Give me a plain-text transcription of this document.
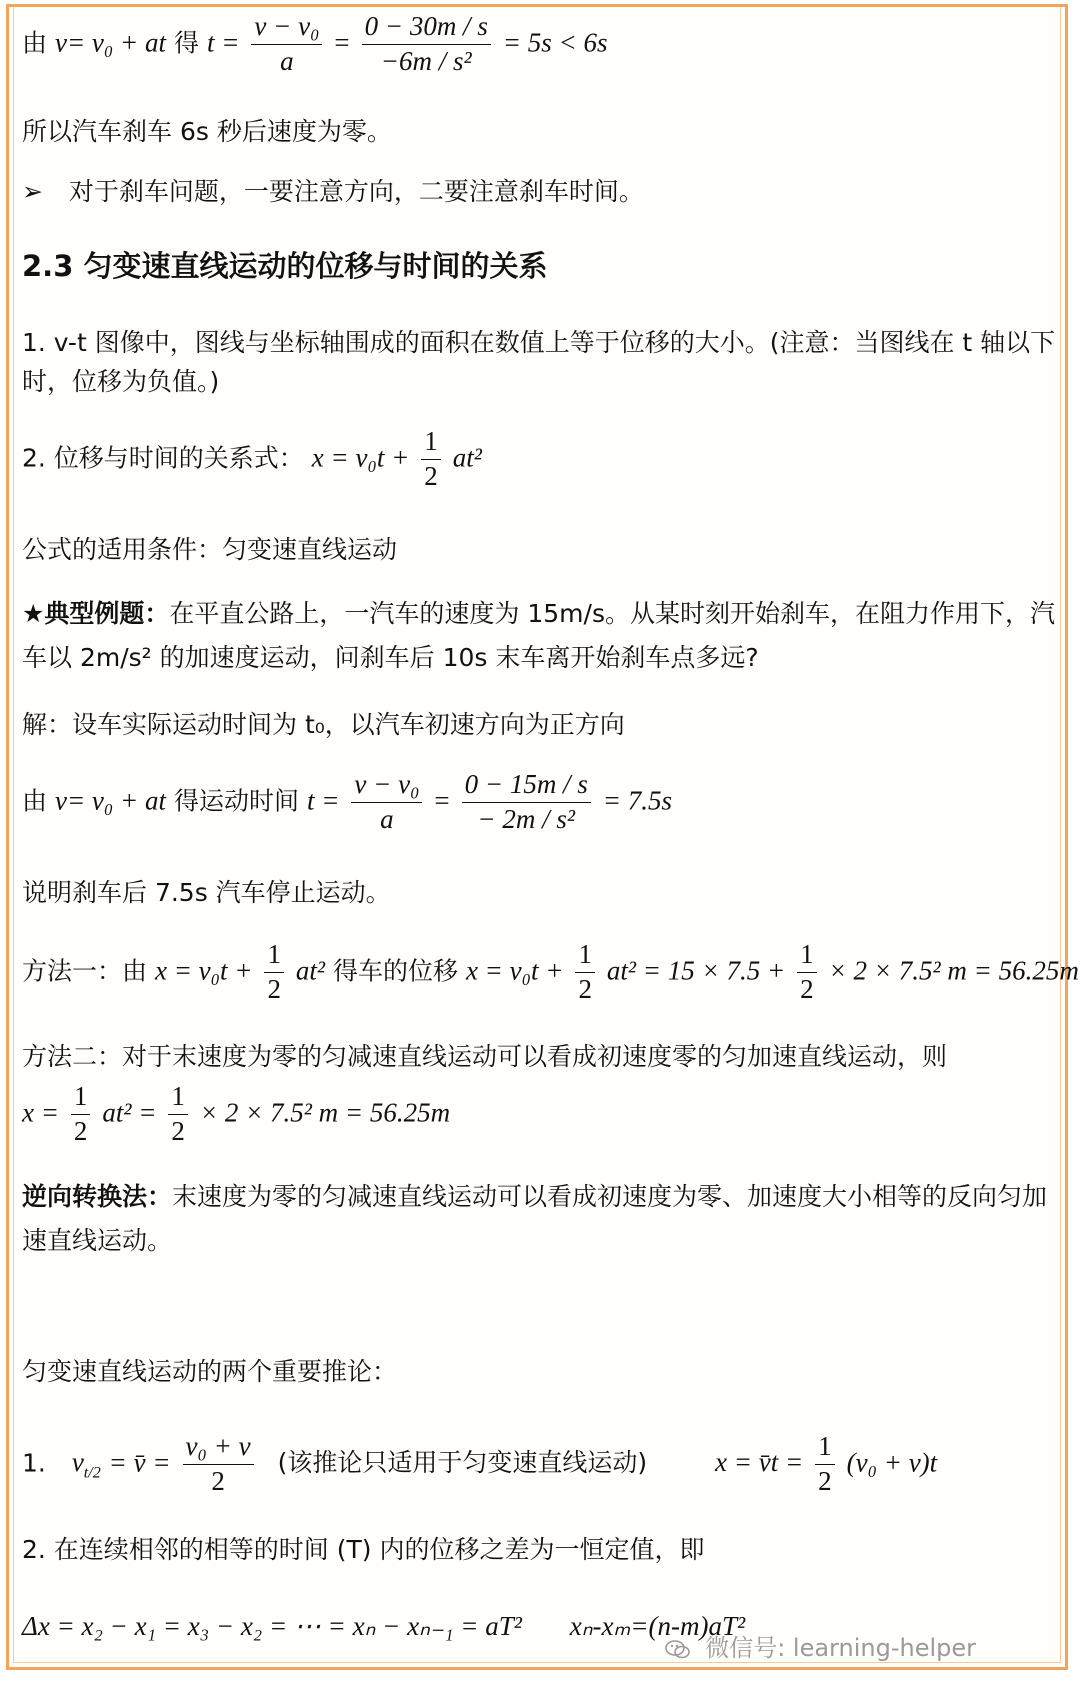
由 v= v₀ + at 得 $t = \frac{\text{v − v₀}}{a} = \frac{0 - 30m / s}{\text{−6m / s²}} = 5s < 6s$
所以汽车刹车 6s 秒后速度为零。
➢ 对于刹车问题，一要注意方向，二要注意刹车时间。
2.3 匀变速直线运动的位移与时间的关系
1. v-t 图像中，图线与坐标轴围成的面积在数值上等于位移的大小。(注意：当图线在 t 轴以下时，位移为负值。)
2. 位移与时间的关系式： $x = v_0t + \frac{1}{2} at^2$
公式的适用条件：匀变速直线运动
★典型例题：在平直公路上，一汽车的速度为 15m/s。从某时刻开始刹车，在阻力作用下，汽车以 2m/s² 的加速度运动，问刹车后 10s 末车离开始刹车点多远?
解：设车实际运动时间为 t₀，以汽车初速方向为正方向
由 v= v₀ + at 得运动时间 $t = \frac{\text{v − v₀}}{a} = \frac{0 - 15m / s}{\text{− 2m / s²}} = 7.5s$
说明刹车后 7.5s 汽车停止运动。
方法一：由 $x = v_0t + \frac{1}{2} at^2$ 得车的位移 $x = v_0t + \frac{1}{2} at^2 = 15 \times 7.5 + \frac{1}{2} \times 2 \times 7.5^2$ m = 56.25m
方法二：对于末速度为零的匀减速直线运动可以看成初速度零的匀加速直线运动，则
$x = \frac{1}{2} at^2 = \frac{1}{2} \times 2 \times 7.5^2$ m = 56.25m
逆向转换法：末速度为零的匀减速直线运动可以看成初速度为零、加速度大小相等的反向匀加速直线运动。
匀变速直线运动的两个重要推论：
1. $v_{t/2}$ = v̄ = $\frac{\text{v₀ + v}}{2}$ (该推论只适用于匀变速直线运动)	x = v̄t = $\frac{1}{2} (v_0 + v)t$
2. 在连续相邻的相等的时间 (T) 内的位移之差为一恒定值，即
Δx = x₂ − x₁ = x₃ − x₂ = ⋯ = xₙ − xₙ₋₁ = aT² xₙ-xₘ=(n-m)aT²
微信号: learning-helper
